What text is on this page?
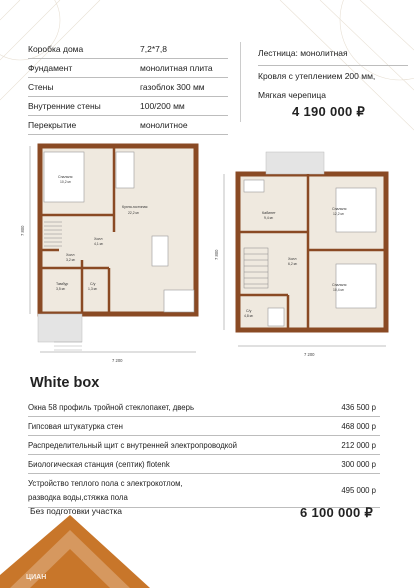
Коробка дома	7,2*7,8
Фундамент	монолитная плита
Стены	газоблок 300 мм
Внутренние стены	100/200 мм
Перекрытие	монолитное
Лестница: монолитная
Кровля с утеплением 200 мм,
Мягкая черепица
4 190 000 ₽
Спальня
10,2 м²
Кухня-гостиная
22,2 м²
Холл
4,1 м²
Холл
3,2 м²
Тамбур
3,5 м²
С/у
1,3 м²
7 200
7 800
Кабинет
9,4 м²
Спальня
12,2 м²
Спальня
10,4 м²
Холл
6,2 м²
С/у
4,8 м²
7 200
7 800
White box
Окна 58 профиль тройной стеклопакет, дверь	436 500 р
Гипсовая штукатурка стен	468 000 р
Распределительный щит с внутренней электропроводкой	212 000 р
Биологическая станция (септик) flotenk	300 000 р
Устройство теплого пола с электрокотлом,
разводка воды,стяжка пола
495 000 р
Без подготовки участка	6 100 000 ₽
ЦИАН
